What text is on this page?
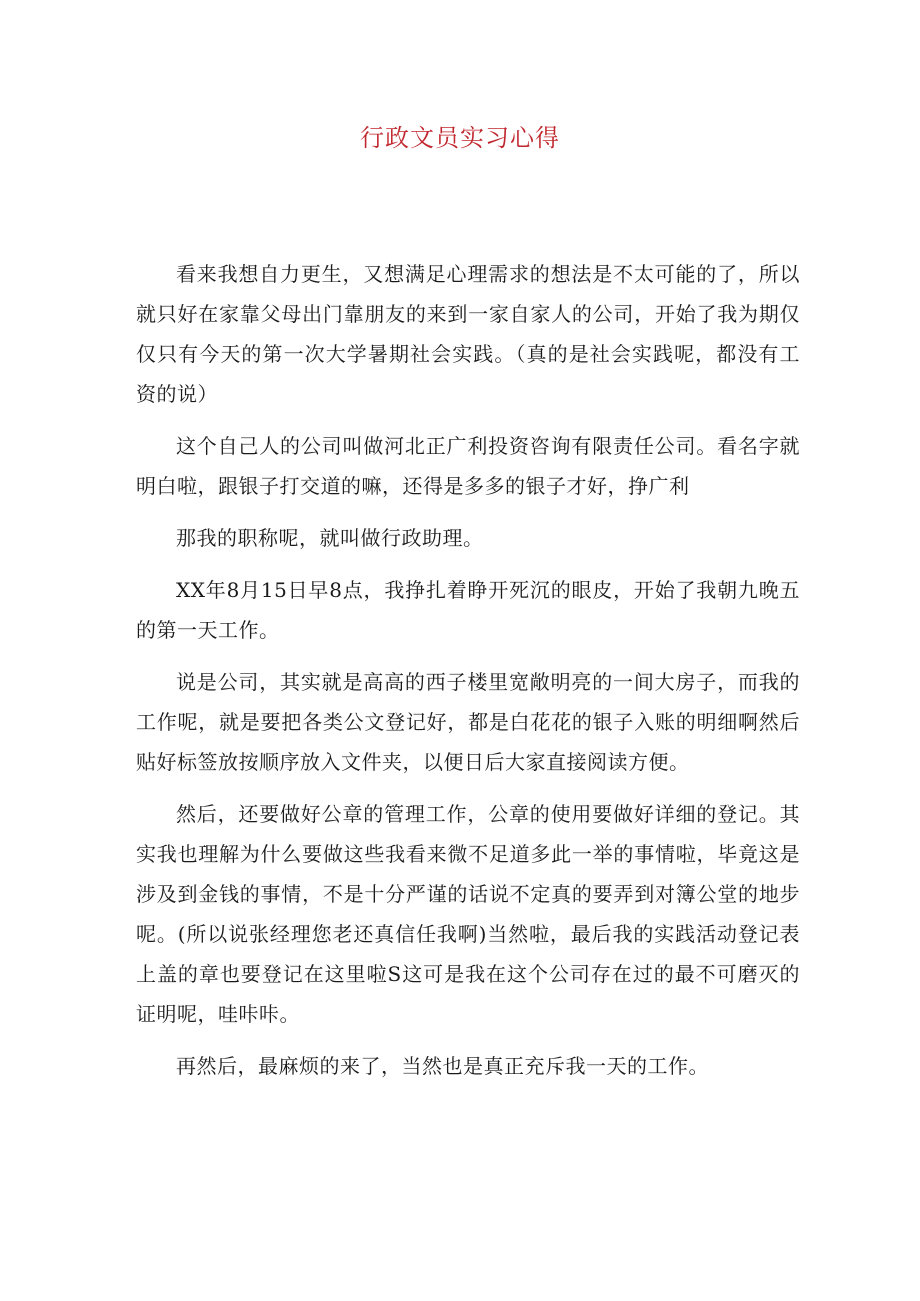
行政文员实习心得

看来我想自力更生，又想满足心理需求的想法是不太可能的了，所以就只好在家靠父母出门靠朋友的来到一家自家人的公司，开始了我为期仅仅只有今天的第一次大学暑期社会实践。（真的是社会实践呢，都没有工资的说）

这个自己人的公司叫做河北正广利投资咨询有限责任公司。看名字就明白啦，跟银子打交道的嘛，还得是多多的银子才好，挣广利

那我的职称呢，就叫做行政助理。

XX年8月15日早8点，我挣扎着睁开死沉的眼皮，开始了我朝九晚五的第一天工作。

说是公司，其实就是高高的西子楼里宽敞明亮的一间大房子，而我的工作呢，就是要把各类公文登记好，都是白花花的银子入账的明细啊然后贴好标签放按顺序放入文件夹，以便日后大家直接阅读方便。

然后，还要做好公章的管理工作，公章的使用要做好详细的登记。其实我也理解为什么要做这些我看来微不足道多此一举的事情啦，毕竟这是涉及到金钱的事情，不是十分严谨的话说不定真的要弄到对簿公堂的地步呢。(所以说张经理您老还真信任我啊)当然啦，最后我的实践活动登记表上盖的章也要登记在这里啦S这可是我在这个公司存在过的最不可磨灭的证明呢，哇咔咔。

再然后，最麻烦的来了，当然也是真正充斥我一天的工作。
